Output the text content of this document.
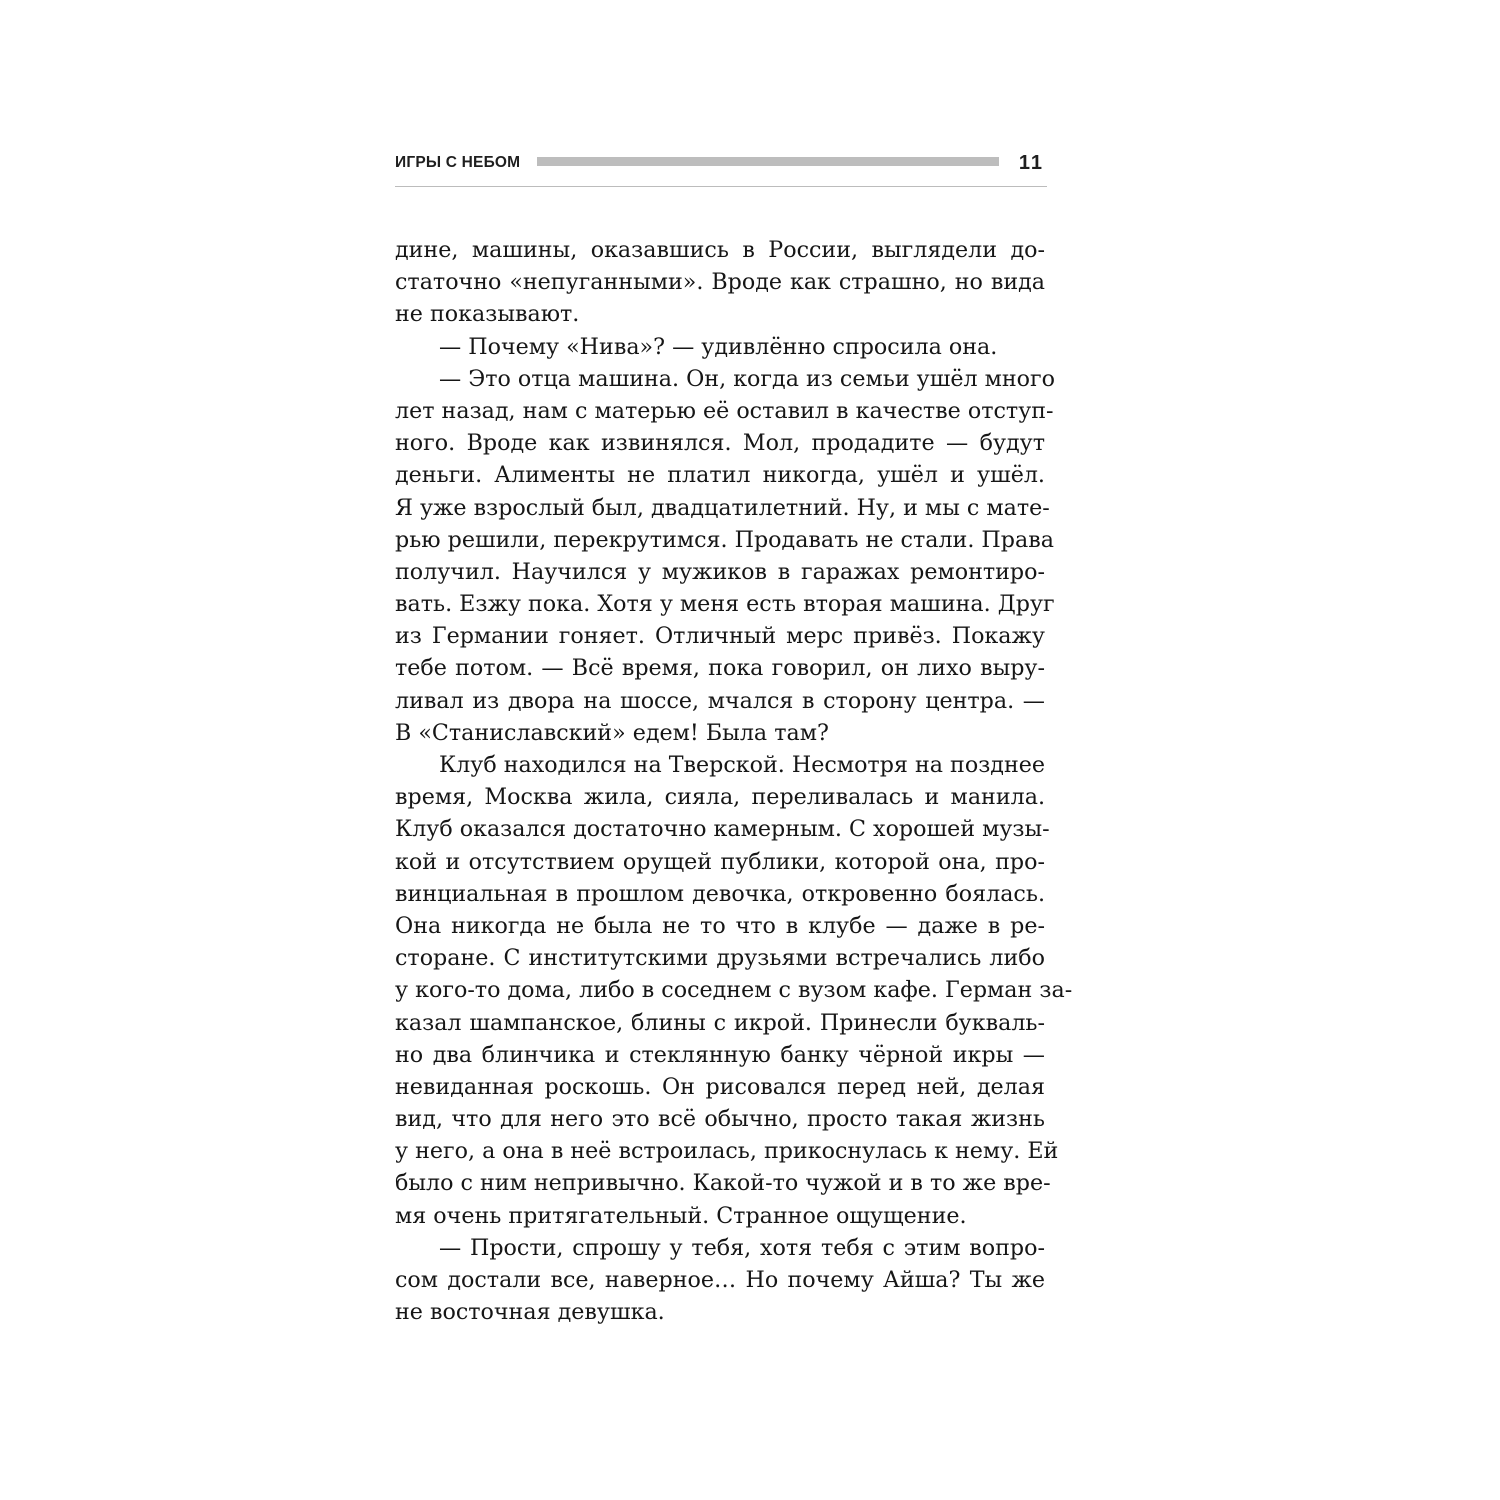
ИГРЫ С НЕБОМ	11
дине, машины, оказавшись в России, выглядели до-
статочно «непуганными». Вроде как страшно, но вида
не показывают.
— Почему «Нива»? — удивлённо спросила она.
— Это отца машина. Он, когда из семьи ушёл много
лет назад, нам с матерью её оставил в качестве отступ-
ного. Вроде как извинялся. Мол, продадите — будут
деньги. Алименты не платил никогда, ушёл и ушёл.
Я уже взрослый был, двадцатилетний. Ну, и мы с мате-
рью решили, перекрутимся. Продавать не стали. Права
получил. Научился у мужиков в гаражах ремонтиро-
вать. Езжу пока. Хотя у меня есть вторая машина. Друг
из Германии гоняет. Отличный мерс привёз. Покажу
тебе потом. — Всё время, пока говорил, он лихо выру-
ливал из двора на шоссе, мчался в сторону центра. —
В «Станиславский» едем! Была там?
Клуб находился на Тверской. Несмотря на позднее
время, Москва жила, сияла, переливалась и манила.
Клуб оказался достаточно камерным. С хорошей музы-
кой и отсутствием орущей публики, которой она, про-
винциальная в прошлом девочка, откровенно боялась.
Она никогда не была не то что в клубе — даже в ре-
сторане. С институтскими друзьями встречались либо
у кого-то дома, либо в соседнем с вузом кафе. Герман за-
казал шампанское, блины с икрой. Принесли букваль-
но два блинчика и стеклянную банку чёрной икры —
невиданная роскошь. Он рисовался перед ней, делая
вид, что для него это всё обычно, просто такая жизнь
у него, а она в неё встроилась, прикоснулась к нему. Ей
было с ним непривычно. Какой-то чужой и в то же вре-
мя очень притягательный. Странное ощущение.
— Прости, спрошу у тебя, хотя тебя с этим вопро-
сом достали все, наверное… Но почему Айша? Ты же
не восточная девушка.
